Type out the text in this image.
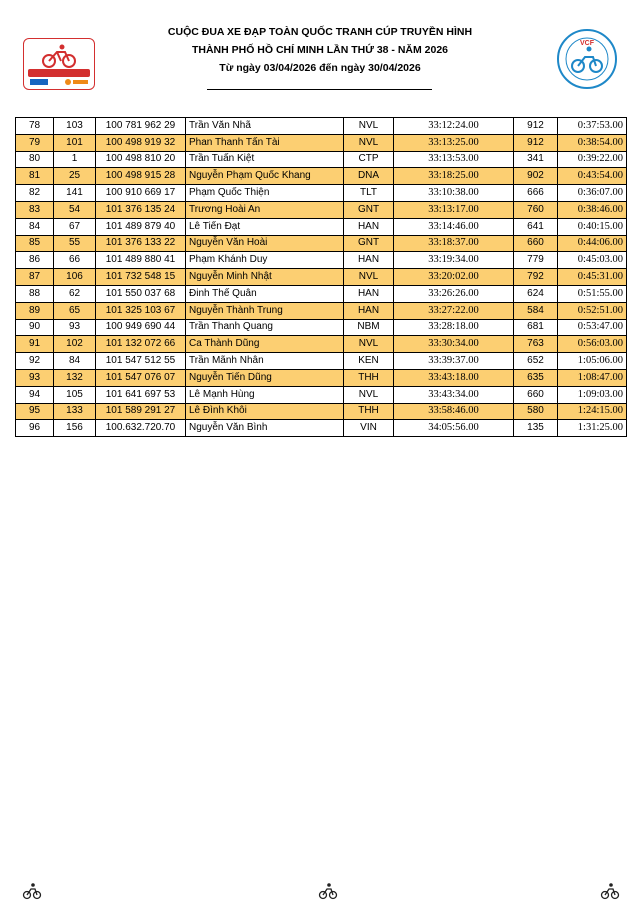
CUỘC ĐUA XE ĐẠP TOÀN QUỐC TRANH CÚP TRUYỀN HÌNH
THÀNH PHỐ HỒ CHÍ MINH LẦN THỨ 38 - NĂM 2026
Từ ngày 03/04/2026 đến ngày 30/04/2026
VCF
78	103	100 781 962 29	Trần Văn Nhã	NVL	33:12:24.00	912	0:37:53.00
79	101	100 498 919 32	Phan Thanh Tấn Tài	NVL	33:13:25.00	912	0:38:54.00
80	1	100 498 810 20	Trần Tuấn Kiệt	CTP	33:13:53.00	341	0:39:22.00
81	25	100 498 915 28	Nguyễn Phạm Quốc Khang	DNA	33:18:25.00	902	0:43:54.00
82	141	100 910 669 17	Phạm Quốc Thiện	TLT	33:10:38.00	666	0:36:07.00
83	54	101 376 135 24	Trương Hoài An	GNT	33:13:17.00	760	0:38:46.00
84	67	101 489 879 40	Lê Tiến Đạt	HAN	33:14:46.00	641	0:40:15.00
85	55	101 376 133 22	Nguyễn Văn Hoài	GNT	33:18:37.00	660	0:44:06.00
86	66	101 489 880 41	Phạm Khánh Duy	HAN	33:19:34.00	779	0:45:03.00
87	106	101 732 548 15	Nguyễn Minh Nhật	NVL	33:20:02.00	792	0:45:31.00
88	62	101 550 037 68	Đinh Thế Quân	HAN	33:26:26.00	624	0:51:55.00
89	65	101 325 103 67	Nguyễn Thành Trung	HAN	33:27:22.00	584	0:52:51.00
90	93	100 949 690 44	Trần Thanh Quang	NBM	33:28:18.00	681	0:53:47.00
91	102	101 132 072 66	Ca Thành Dũng	NVL	33:30:34.00	763	0:56:03.00
92	84	101 547 512 55	Trần Mãnh Nhân	KEN	33:39:37.00	652	1:05:06.00
93	132	101 547 076 07	Nguyễn Tiến Dũng	THH	33:43:18.00	635	1:08:47.00
94	105	101 641 697 53	Lê Mạnh Hùng	NVL	33:43:34.00	660	1:09:03.00
95	133	101 589 291 27	Lê Đình Khôi	THH	33:58:46.00	580	1:24:15.00
96	156	100.632.720.70	Nguyễn Văn Bình	VIN	34:05:56.00	135	1:31:25.00
